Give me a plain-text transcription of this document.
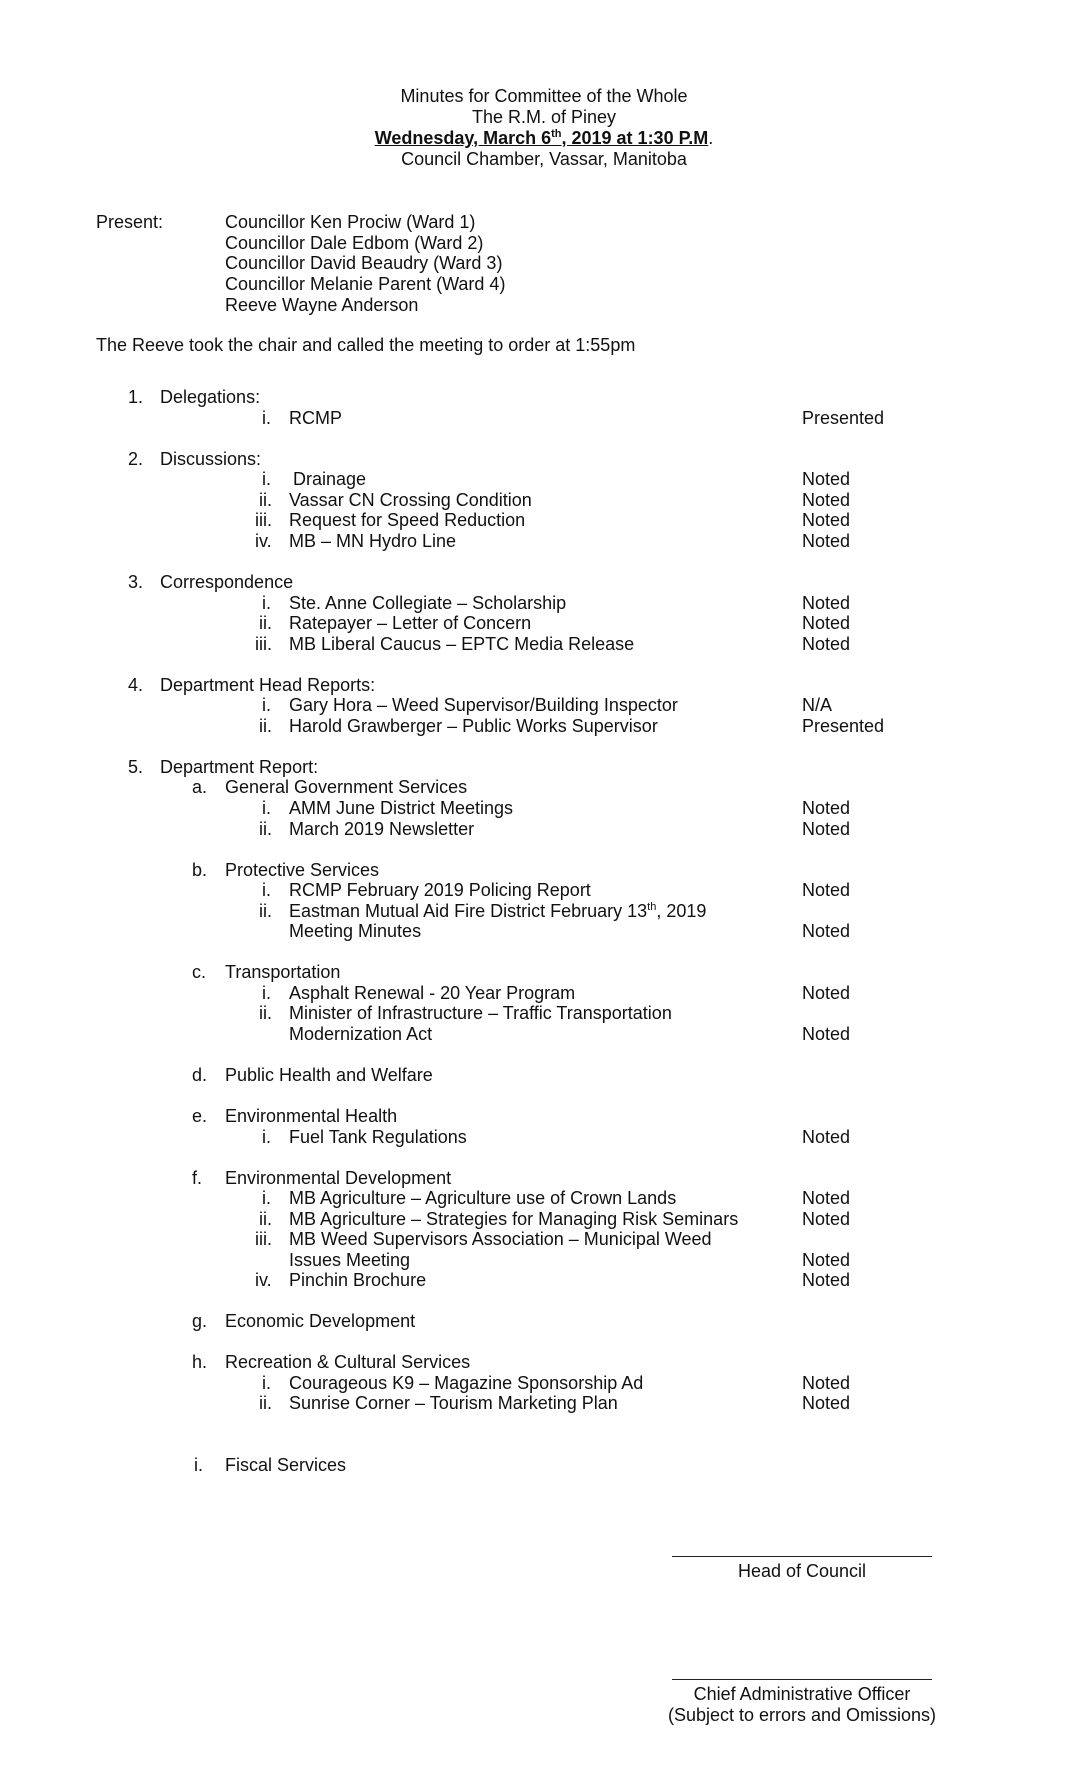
Minutes for Committee of the Whole
The R.M. of Piney
Wednesday, March 6th, 2019 at 1:30 P.M.
Council Chamber, Vassar, Manitoba
Present:	Councillor Ken Prociw (Ward 1)
Councillor Dale Edbom (Ward 2)
Councillor David Beaudry (Ward 3)
Councillor Melanie Parent (Ward 4)
Reeve Wayne Anderson
The Reeve took the chair and called the meeting to order at 1:55pm
1. Delegations:
i. RCMP	Presented
2. Discussions:
i. Drainage	Noted
ii. Vassar CN Crossing Condition	Noted
iii. Request for Speed Reduction	Noted
iv. MB – MN Hydro Line	Noted
3. Correspondence
i. Ste. Anne Collegiate – Scholarship	Noted
ii. Ratepayer – Letter of Concern	Noted
iii. MB Liberal Caucus – EPTC Media Release	Noted
4. Department Head Reports:
i. Gary Hora – Weed Supervisor/Building Inspector	N/A
ii. Harold Grawberger – Public Works Supervisor	Presented
5. Department Report:
a. General Government Services
i. AMM June District Meetings	Noted
ii. March 2019 Newsletter	Noted
b. Protective Services
i. RCMP February 2019 Policing Report	Noted
ii. Eastman Mutual Aid Fire District February 13th, 2019
Meeting Minutes	Noted
c. Transportation
i. Asphalt Renewal - 20 Year Program	Noted
ii. Minister of Infrastructure – Traffic Transportation
Modernization Act	Noted
d. Public Health and Welfare
e. Environmental Health
i. Fuel Tank Regulations	Noted
f. Environmental Development
i. MB Agriculture – Agriculture use of Crown Lands	Noted
ii. MB Agriculture – Strategies for Managing Risk Seminars	Noted
iii. MB Weed Supervisors Association – Municipal Weed
Issues Meeting	Noted
iv. Pinchin Brochure	Noted
g. Economic Development
h. Recreation & Cultural Services
i. Courageous K9 – Magazine Sponsorship Ad	Noted
ii. Sunrise Corner – Tourism Marketing Plan	Noted
i. Fiscal Services
Head of Council
Chief Administrative Officer
(Subject to errors and Omissions)
